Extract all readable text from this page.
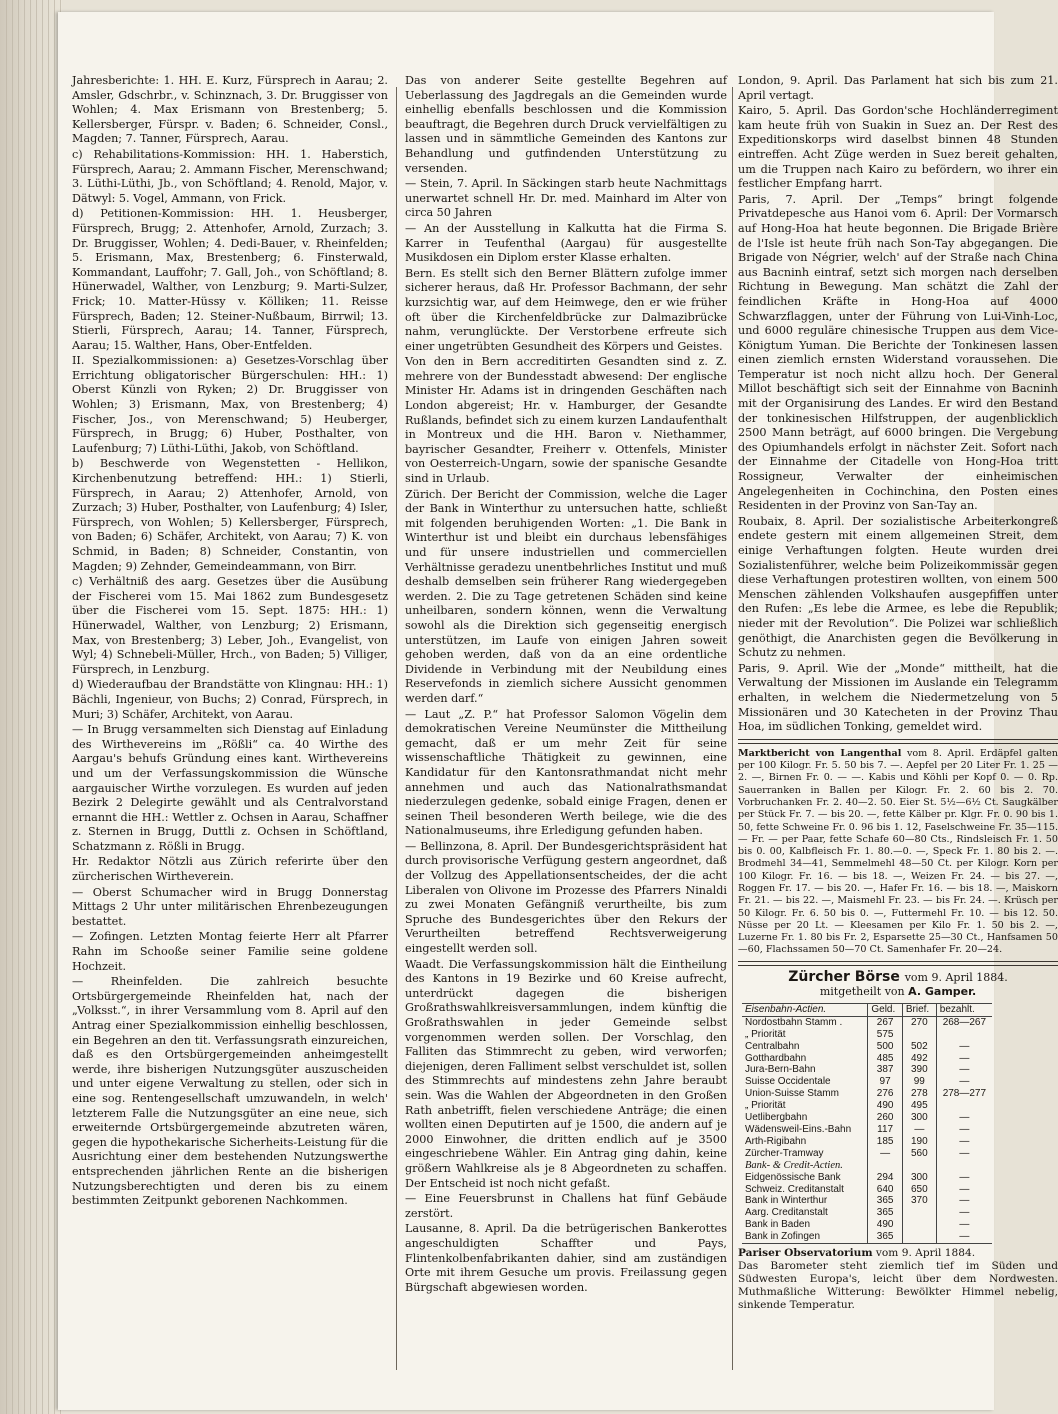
Jahresberichte: 1. HH. E. Kurz, Fürsprech in Aarau; 2. Amsler, Gdschrbr., v. Schinznach, 3. Dr. Bruggisser von Wohlen; 4. Max Erismann von Brestenberg; 5. Kellersberger, Fürspr. v. Baden; 6. Schneider, Consl., Magden; 7. Tanner, Fürsprech, Aarau.

c) Rehabilitations-Kommission: HH. 1. Haberstich, Fürsprech, Aarau; 2. Ammann Fischer, Merenschwand; 3. Lüthi-Lüthi, Jb., von Schöftland; 4. Renold, Major, v. Dätwyl: 5. Vogel, Ammann, von Frick.

d) Petitionen-Kommission: HH. 1. Heusberger, Fürsprech, Brugg; 2. Attenhofer, Arnold, Zurzach; 3. Dr. Bruggisser, Wohlen; 4. Dedi-Bauer, v. Rheinfelden; 5. Erismann, Max, Brestenberg; 6. Finsterwald, Kommandant, Lauffohr; 7. Gall, Joh., von Schöftland; 8. Hünerwadel, Walther, von Lenzburg; 9. Marti-Sulzer, Frick; 10. Matter-Hüssy v. Kölliken; 11. Reisse Fürsprech, Baden; 12. Steiner-Nußbaum, Birrwil; 13. Stierli, Fürsprech, Aarau; 14. Tanner, Fürsprech, Aarau; 15. Walther, Hans, Ober-Entfelden.

II. Spezialkommissionen: a) Gesetzes-Vorschlag über Errichtung obligatorischer Bürgerschulen: HH.: 1) Oberst Künzli von Ryken; 2) Dr. Bruggisser von Wohlen; 3) Erismann, Max, von Brestenberg; 4) Fischer, Jos., von Merenschwand; 5) Heuberger, Fürsprech, in Brugg; 6) Huber, Posthalter, von Laufenburg; 7) Lüthi-Lüthi, Jakob, von Schöftland.

b) Beschwerde von Wegenstetten - Hellikon, Kirchenbenutzung betreffend: HH.: 1) Stierli, Fürsprech, in Aarau; 2) Attenhofer, Arnold, von Zurzach; 3) Huber, Posthalter, von Laufenburg; 4) Isler, Fürsprech, von Wohlen; 5) Kellersberger, Fürsprech, von Baden; 6) Schäfer, Architekt, von Aarau; 7) K. von Schmid, in Baden; 8) Schneider, Constantin, von Magden; 9) Zehnder, Gemeindeammann, von Birr.

c) Verhältniß des aarg. Gesetzes über die Ausübung der Fischerei vom 15. Mai 1862 zum Bundesgesetz über die Fischerei vom 15. Sept. 1875: HH.: 1) Hünerwadel, Walther, von Lenzburg; 2) Erismann, Max, von Brestenberg; 3) Leber, Joh., Evangelist, von Wyl; 4) Schnebeli-Müller, Hrch., von Baden; 5) Villiger, Fürsprech, in Lenzburg.

d) Wiederaufbau der Brandstätte von Klingnau: HH.: 1) Bächli, Ingenieur, von Buchs; 2) Conrad, Fürsprech, in Muri; 3) Schäfer, Architekt, von Aarau.

— In Brugg versammelten sich Dienstag auf Einladung des Wirthevereins im „Rößli“ ca. 40 Wirthe des Aargau's behufs Gründung eines kant. Wirthevereins und um der Verfassungskommission die Wünsche aargauischer Wirthe vorzulegen. Es wurden auf jeden Bezirk 2 Delegirte gewählt und als Centralvorstand ernannt die HH.: Wettler z. Ochsen in Aarau, Schaffner z. Sternen in Brugg, Duttli z. Ochsen in Schöftland, Schatzmann z. Rößli in Brugg.

Hr. Redaktor Nötzli aus Zürich referirte über den zürcherischen Wirtheverein.

— Oberst Schumacher wird in Brugg Donnerstag Mittags 2 Uhr unter militärischen Ehrenbezeugungen bestattet.

— Zofingen. Letzten Montag feierte Herr alt Pfarrer Rahn im Schooße seiner Familie seine goldene Hochzeit.

— Rheinfelden. Die zahlreich besuchte Ortsbürgergemeinde Rheinfelden hat, nach der „Volksst.“, in ihrer Versammlung vom 8. April auf den Antrag einer Spezialkommission einhellig beschlossen, ein Begehren an den tit. Verfassungsrath einzureichen, daß es den Ortsbürgergemeinden anheimgestellt werde, ihre bisherigen Nutzungsgüter auszuscheiden und unter eigene Verwaltung zu stellen, oder sich in eine sog. Rentengesellschaft umzuwandeln, in welch' letzterem Falle die Nutzungsgüter an eine neue, sich erweiternde Ortsbürgergemeinde abzutreten wären, gegen die hypothekarische Sicherheits-Leistung für die Ausrichtung einer dem bestehenden Nutzungswerthe entsprechenden jährlichen Rente an die bisherigen Nutzungsberechtigten und deren bis zu einem bestimmten Zeitpunkt geborenen Nachkommen.

Das von anderer Seite gestellte Begehren auf Ueberlassung des Jagdregals an die Gemeinden wurde einhellig ebenfalls beschlossen und die Kommission beauftragt, die Begehren durch Druck vervielfältigen zu lassen und in sämmtliche Gemeinden des Kantons zur Behandlung und gutfindenden Unterstützung zu versenden.

— Stein, 7. April. In Säckingen starb heute Nachmittags unerwartet schnell Hr. Dr. med. Mainhard im Alter von circa 50 Jahren

— An der Ausstellung in Kalkutta hat die Firma S. Karrer in Teufenthal (Aargau) für ausgestellte Musikdosen ein Diplom erster Klasse erhalten.

Bern. Es stellt sich den Berner Blättern zufolge immer sicherer heraus, daß Hr. Professor Bachmann, der sehr kurzsichtig war, auf dem Heimwege, den er wie früher oft über die Kirchenfeldbrücke zur Dalmazibrücke nahm, verunglückte. Der Verstorbene erfreute sich einer ungetrübten Gesundheit des Körpers und Geistes.

Von den in Bern accreditirten Gesandten sind z. Z. mehrere von der Bundesstadt abwesend: Der englische Minister Hr. Adams ist in dringenden Geschäften nach London abgereist; Hr. v. Hamburger, der Gesandte Rußlands, befindet sich zu einem kurzen Landaufenthalt in Montreux und die HH. Baron v. Niethammer, bayrischer Gesandter, Freiherr v. Ottenfels, Minister von Oesterreich-Ungarn, sowie der spanische Gesandte sind in Urlaub.

Zürich. Der Bericht der Commission, welche die Lager der Bank in Winterthur zu untersuchen hatte, schließt mit folgenden beruhigenden Worten: „1. Die Bank in Winterthur ist und bleibt ein durchaus lebensfähiges und für unsere industriellen und commerciellen Verhältnisse geradezu unentbehrliches Institut und muß deshalb demselben sein früherer Rang wiedergegeben werden. 2. Die zu Tage getretenen Schäden sind keine unheilbaren, sondern können, wenn die Verwaltung sowohl als die Direktion sich gegenseitig energisch unterstützen, im Laufe von einigen Jahren soweit gehoben werden, daß von da an eine ordentliche Dividende in Verbindung mit der Neubildung eines Reservefonds in ziemlich sichere Aussicht genommen werden darf.“

— Laut „Z. P.“ hat Professor Salomon Vögelin dem demokratischen Vereine Neumünster die Mittheilung gemacht, daß er um mehr Zeit für seine wissenschaftliche Thätigkeit zu gewinnen, eine Kandidatur für den Kantonsrathmandat nicht mehr annehmen und auch das Nationalrathsmandat niederzulegen gedenke, sobald einige Fragen, denen er seinen Theil besonderen Werth beilege, wie die des Nationalmuseums, ihre Erledigung gefunden haben.

— Bellinzona, 8. April. Der Bundesgerichtspräsident hat durch provisorische Verfügung gestern angeordnet, daß der Vollzug des Appellationsentscheides, der die acht Liberalen von Olivone im Prozesse des Pfarrers Ninaldi zu zwei Monaten Gefängniß verurtheilte, bis zum Spruche des Bundesgerichtes über den Rekurs der Verurtheilten betreffend Rechtsverweigerung eingestellt werden soll.

Waadt. Die Verfassungskommission hält die Eintheilung des Kantons in 19 Bezirke und 60 Kreise aufrecht, unterdrückt dagegen die bisherigen Großrathswahlkreisversammlungen, indem künftig die Großrathswahlen in jeder Gemeinde selbst vorgenommen werden sollen. Der Vorschlag, den Falliten das Stimmrecht zu geben, wird verworfen; diejenigen, deren Falliment selbst verschuldet ist, sollen des Stimmrechts auf mindestens zehn Jahre beraubt sein. Was die Wahlen der Abgeordneten in den Großen Rath anbetrifft, fielen verschiedene Anträge; die einen wollten einen Deputirten auf je 1500, die andern auf je 2000 Einwohner, die dritten endlich auf je 3500 eingeschriebene Wähler. Ein Antrag ging dahin, keine größern Wahlkreise als je 8 Abgeordneten zu schaffen. Der Entscheid ist noch nicht gefaßt.

— Eine Feuersbrunst in Challens hat fünf Gebäude zerstört.

Lausanne, 8. April. Da die betrügerischen Bankerottes angeschuldigten Schaffter und Pays, Flintenkolbenfabrikanten dahier, sind am zuständigen Orte mit ihrem Gesuche um provis. Freilassung gegen Bürgschaft abgewiesen worden.

London, 9. April. Das Parlament hat sich bis zum 21. April vertagt.

Kairo, 5. April. Das Gordon'sche Hochländerregiment kam heute früh von Suakin in Suez an. Der Rest des Expeditionskorps wird daselbst binnen 48 Stunden eintreffen. Acht Züge werden in Suez bereit gehalten, um die Truppen nach Kairo zu befördern, wo ihrer ein festlicher Empfang harrt.

Paris, 7. April. Der „Temps“ bringt folgende Privatdepesche aus Hanoi vom 6. April: Der Vormarsch auf Hong-Hoa hat heute begonnen. Die Brigade Brière de l'Isle ist heute früh nach Son-Tay abgegangen. Die Brigade von Négrier, welch' auf der Straße nach China aus Bacninh eintraf, setzt sich morgen nach derselben Richtung in Bewegung. Man schätzt die Zahl der feindlichen Kräfte in Hong-Hoa auf 4000 Schwarzflaggen, unter der Führung von Lui-Vinh-Loc, und 6000 reguläre chinesische Truppen aus dem Vice-Königtum Yuman. Die Berichte der Tonkinesen lassen einen ziemlich ernsten Widerstand voraussehen. Die Temperatur ist noch nicht allzu hoch. Der General Millot beschäftigt sich seit der Einnahme von Bacninh mit der Organisirung des Landes. Er wird den Bestand der tonkinesischen Hilfstruppen, der augenblicklich 2500 Mann beträgt, auf 6000 bringen. Die Vergebung des Opiumhandels erfolgt in nächster Zeit. Sofort nach der Einnahme der Citadelle von Hong-Hoa tritt Rossigneur, Verwalter der einheimischen Angelegenheiten in Cochinchina, den Posten eines Residenten in der Provinz von San-Tay an.

Roubaix, 8. April. Der sozialistische Arbeiterkongreß endete gestern mit einem allgemeinen Streit, dem einige Verhaftungen folgten. Heute wurden drei Sozialistenführer, welche beim Polizeikommissär gegen diese Verhaftungen protestiren wollten, von einem 500 Menschen zählenden Volkshaufen ausgepfiffen unter den Rufen: „Es lebe die Armee, es lebe die Republik; nieder mit der Revolution“. Die Polizei war schließlich genöthigt, die Anarchisten gegen die Bevölkerung in Schutz zu nehmen.

Paris, 9. April. Wie der „Monde“ mittheilt, hat die Verwaltung der Missionen im Auslande ein Telegramm erhalten, in welchem die Niedermetzelung von 5 Missionären und 30 Katecheten in der Provinz Thau Hoa, im südlichen Tonking, gemeldet wird.

Marktbericht von Langenthal vom 8. April. Erdäpfel galten per 100 Kilogr. Fr. 5. 50 bis 7. —. Aepfel per 20 Liter Fr. 1. 25 — 2. —, Birnen Fr. 0. — —. Kabis und Köhli per Kopf 0. — 0. Rp. Sauerranken in Ballen per Kilogr. Fr. 2. 60 bis 2. 70. Vorbruchanken Fr. 2. 40—2. 50. Eier St. 5½—6½ Ct. Saugkälber per Stück Fr. 7. — bis 20. —, fette Kälber pr. Klgr. Fr. 0. 90 bis 1. 50, fette Schweine Fr. 0. 96 bis 1. 12, Faselschweine Fr. 35—115. — Fr. — per Paar, fette Schafe 60—80 Cts., Rindsleisch Fr. 1. 50 bis 0. 00, Kalbfleisch Fr. 1. 80.—0. —, Speck Fr. 1. 80 bis 2. —. Brodmehl 34—41, Semmelmehl 48—50 Ct. per Kilogr. Korn per 100 Kilogr. Fr. 16. — bis 18. —, Weizen Fr. 24. — bis 27. —, Roggen Fr. 17. — bis 20. —, Hafer Fr. 16. — bis 18. —, Maiskorn Fr. 21. — bis 22. —, Maismehl Fr. 23. — bis Fr. 24. —. Krüsch per 50 Kilogr. Fr. 6. 50 bis 0. —, Futtermehl Fr. 10. — bis 12. 50. Nüsse per 20 Lt. — Kleesamen per Kilo Fr. 1. 50 bis 2. —, Luzerne Fr. 1. 80 bis Fr. 2, Esparsette 25—30 Ct., Hanfsamen 50—60, Flachssamen 50—70 Ct. Samenhafer Fr. 20—24.
Zürcher Börse vom 9. April 1884.
mitgetheilt von A. Gamper.
Eisenbahn-Actien.	Geld.	Brief.	bezahlt.
Nordostbahn Stamm .	267	270	268—267
„ Priorität	575		
Centralbahn	500	502	—
Gotthardbahn	485	492	—
Jura-Bern-Bahn	387	390	—
Suisse Occidentale	97	99	—
Union-Suisse Stamm	276	278	278—277
„ Priorität	490	495	
Uetlibergbahn	260	300	—
Wädensweil-Eins.-Bahn	117	—	—
Arth-Rigibahn	185	190	—
Zürcher-Tramway	—	560	—
Bank- & Credit-Actien.			
Eidgenössische Bank	294	300	—
Schweiz. Creditanstalt	640	650	—
Bank in Winterthur	365	370	—
Aarg. Creditanstalt	365		—
Bank in Baden	490		—
Bank in Zofingen	365		—
Pariser Observatorium vom 9. April 1884.
Das Barometer steht ziemlich tief im Süden und Südwesten Europa's, leicht über dem Nordwesten. Muthmaßliche Witterung: Bewölkter Himmel nebelig, sinkende Temperatur.
